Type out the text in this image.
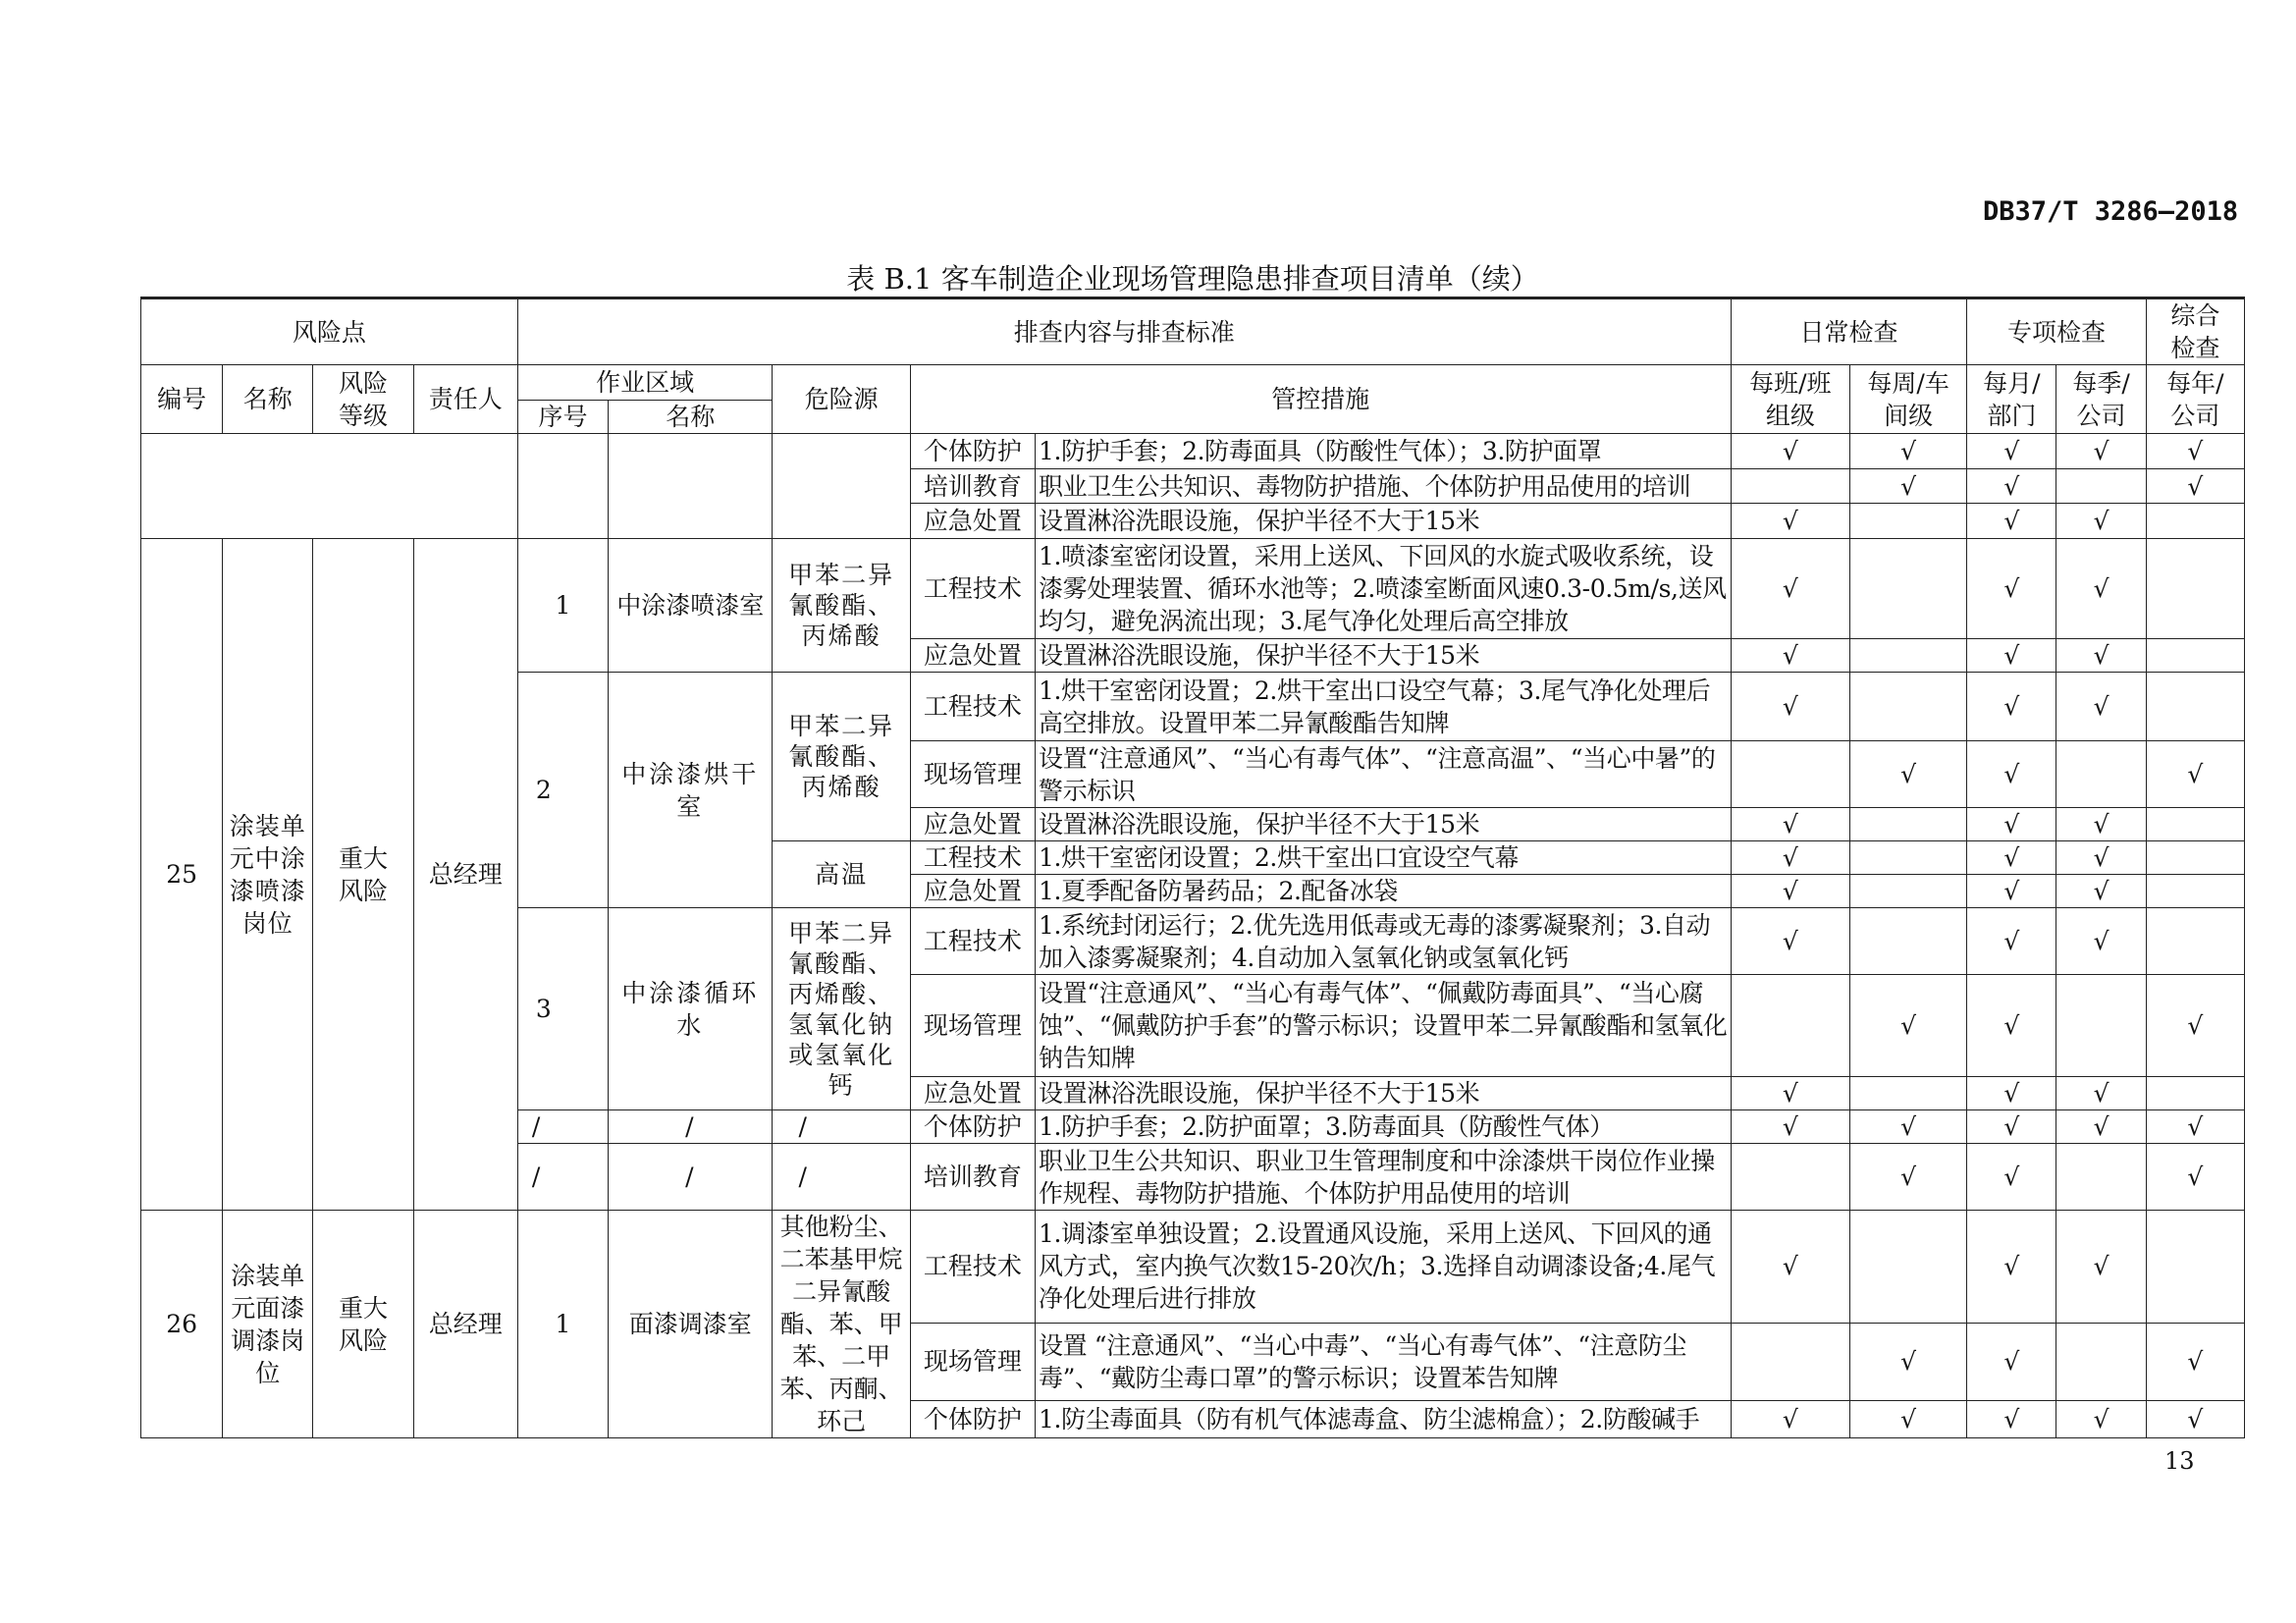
DB37/T 3286—2018
表 B.1 客车制造企业现场管理隐患排查项目清单（续）
风险点				排查内容与排查标准					日常检查		专项检查		综合检查
编号	名称	风险等级	责任人	作业区域		危险源	管控措施		每班/班组级	每周/车间级	每月/部门	每季/公司	每年/公司
				序号	名称								
							个体防护	1.防护手套；2.防毒面具（防酸性气体）；3.防护面罩	√	√	√	√	√
							培训教育	职业卫生公共知识、毒物防护措施、个体防护用品使用的培训		√	√		√
							应急处置	设置淋浴洗眼设施，保护半径不大于15米	√		√	√	
25	涂装单元中涂漆喷漆岗位	重大风险	总经理	1	中涂漆喷漆室	甲苯二异氰酸酯、丙烯酸	工程技术	1.喷漆室密闭设置，采用上送风、下回风的水旋式吸收系统，设漆雾处理装置、循环水池等；2.喷漆室断面风速0.3-0.5m/s,送风均匀，避免涡流出现；3.尾气净化处理后高空排放	√		√	√	
							应急处置	设置淋浴洗眼设施，保护半径不大于15米	√		√	√	
				2	中涂漆烘干室	甲苯二异氰酸酯、丙烯酸	工程技术	1.烘干室密闭设置；2.烘干室出口设空气幕；3.尾气净化处理后高空排放。设置甲苯二异氰酸酯告知牌	√		√	√	
							现场管理	设置“注意通风”、“当心有毒气体”、“注意高温”、“当心中暑”的警示标识		√	√		√
							应急处置	设置淋浴洗眼设施，保护半径不大于15米	√		√	√	
						高温	工程技术	1.烘干室密闭设置；2.烘干室出口宜设空气幕	√		√	√	
							应急处置	1.夏季配备防暑药品；2.配备冰袋	√		√	√	
				3	中涂漆循环水	甲苯二异氰酸酯、丙烯酸、氢氧化钠或氢氧化钙	工程技术	1.系统封闭运行；2.优先选用低毒或无毒的漆雾凝聚剂；3.自动加入漆雾凝聚剂；4.自动加入氢氧化钠或氢氧化钙	√		√	√	
							现场管理	设置“注意通风”、“当心有毒气体”、“佩戴防毒面具”、“当心腐蚀”、“佩戴防护手套”的警示标识；设置甲苯二异氰酸酯和氢氧化钠告知牌		√	√		√
							应急处置	设置淋浴洗眼设施，保护半径不大于15米	√		√	√	
				/	/	/	个体防护	1.防护手套；2.防护面罩；3.防毒面具（防酸性气体）	√	√	√	√	√
				/	/	/	培训教育	职业卫生公共知识、职业卫生管理制度和中涂漆烘干岗位作业操作规程、毒物防护措施、个体防护用品使用的培训		√	√		√
26	涂装单元面漆调漆岗位	重大风险	总经理	1	面漆调漆室	其他粉尘、二苯基甲烷二异氰酸酯、苯、甲苯、二甲苯、丙酮、环己	工程技术	1.调漆室单独设置；2.设置通风设施，采用上送风、下回风的通风方式，室内换气次数15-20次/h；3.选择自动调漆设备;4.尾气净化处理后进行排放	√		√	√	
							现场管理	设置 “注意通风”、“当心中毒”、“当心有毒气体”、“注意防尘毒”、“戴防尘毒口罩”的警示标识；设置苯告知牌		√	√		√
							个体防护	1.防尘毒面具（防有机气体滤毒盒、防尘滤棉盒）；2.防酸碱手	√	√	√	√	√
13
